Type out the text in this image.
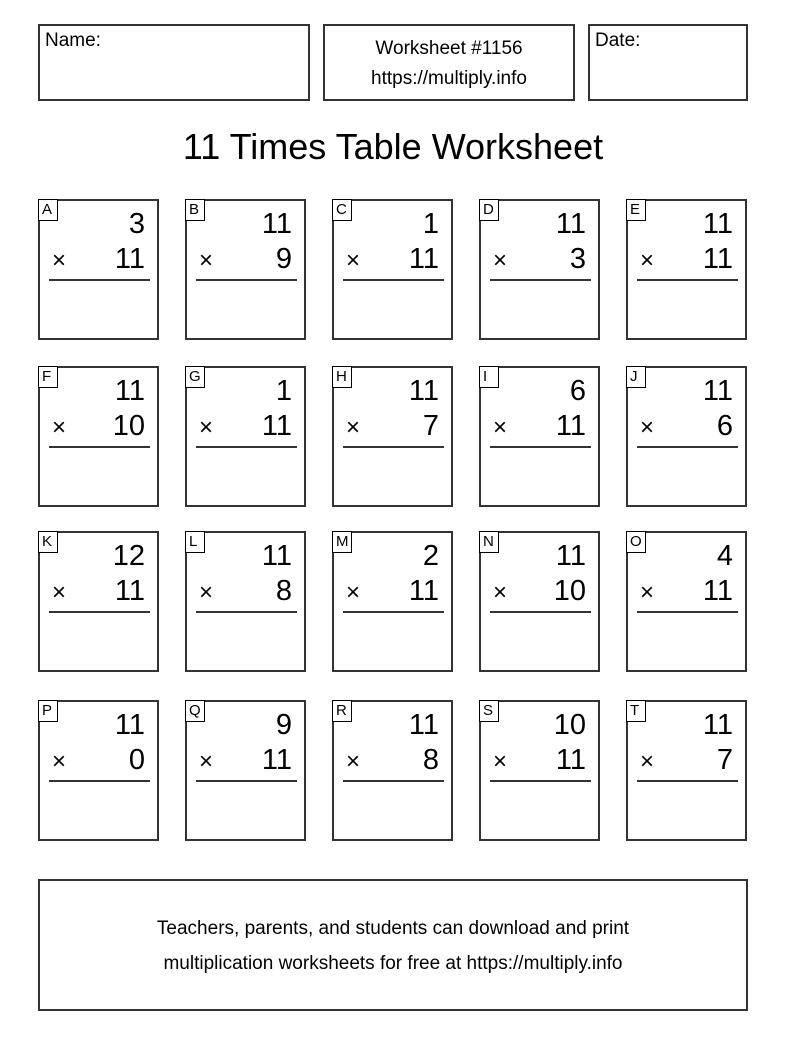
Name:	Worksheet #1156
https://multiply.info
Date:
11 Times Table Worksheet
A	3
× 11
B 11
× 9
C	1
× 11
D 11
× 3
E 11
× 11
F 11
× 10
G	1
× 11
H 11
× 7
I	6
× 11
J 11
× 6
K 12
× 11
L 11
× 8
M	2
× 11
N 11
× 10
O	4
× 11
P 11
× 0
Q	9
× 11
R 11
× 8
S 10
× 11
T 11
× 7
Teachers, parents, and students can download and print
multiplication worksheets for free at https://multiply.info
